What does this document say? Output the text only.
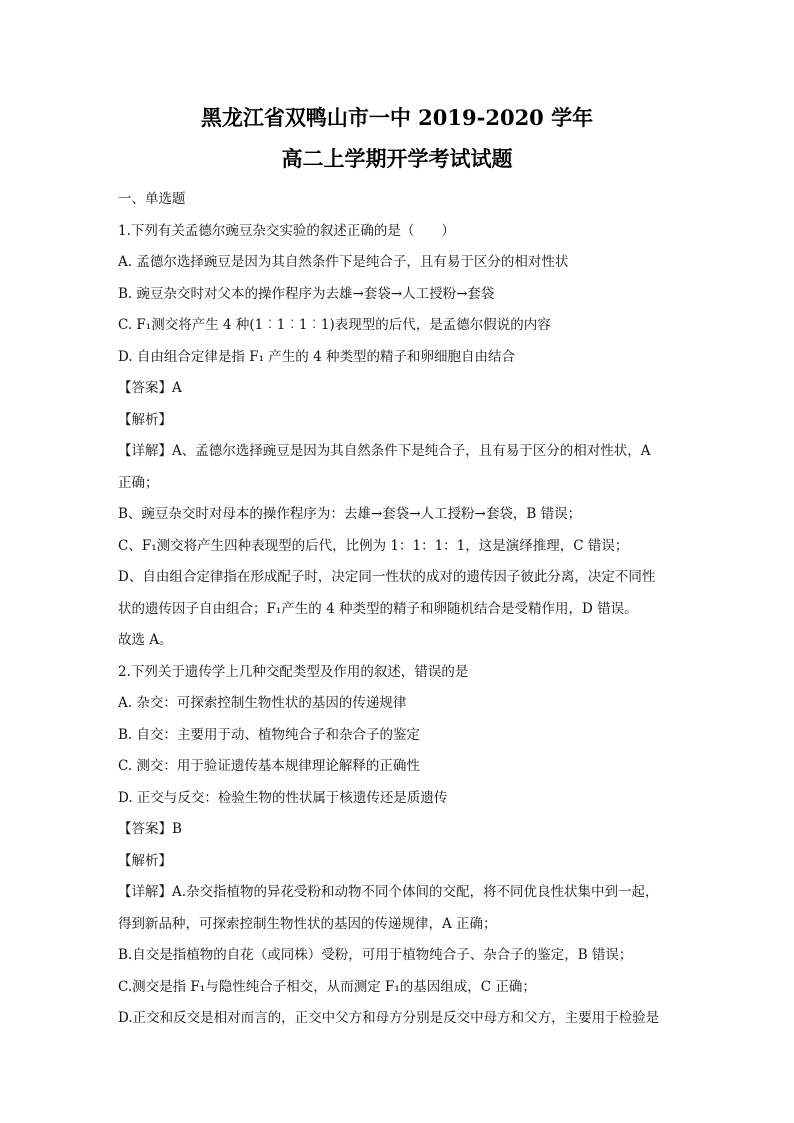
黑龙江省双鸭山市一中 2019-2020 学年
高二上学期开学考试试题
一、单选题
1.下列有关孟德尔豌豆杂交实验的叙述正确的是（　　）
A. 孟德尔选择豌豆是因为其自然条件下是纯合子，且有易于区分的相对性状
B. 豌豆杂交时对父本的操作程序为去雄→套袋→人工授粉→套袋
C. F₁测交将产生 4 种(1︰1︰1︰1)表现型的后代，是孟德尔假说的内容
D. 自由组合定律是指 F₁ 产生的 4 种类型的精子和卵细胞自由结合
【答案】A
【解析】
【详解】A、孟德尔选择豌豆是因为其自然条件下是纯合子，且有易于区分的相对性状，A
正确；
B、豌豆杂交时对母本的操作程序为：去雄→套袋→人工授粉→套袋，B 错误；
C、F₁测交将产生四种表现型的后代，比例为 1：1：1：1，这是演绎推理，C 错误；
D、自由组合定律指在形成配子时，决定同一性状的成对的遗传因子彼此分离，决定不同性
状的遗传因子自由组合；F₁产生的 4 种类型的精子和卵随机结合是受精作用，D 错误。
故选 A。
2.下列关于遗传学上几种交配类型及作用的叙述，错误的是
A. 杂交：可探索控制生物性状的基因的传递规律
B. 自交：主要用于动、植物纯合子和杂合子的鉴定
C. 测交：用于验证遗传基本规律理论解释的正确性
D. 正交与反交：检验生物的性状属于核遗传还是质遗传
【答案】B
【解析】
【详解】A.杂交指植物的异花受粉和动物不同个体间的交配，将不同优良性状集中到一起，
得到新品种，可探索控制生物性状的基因的传递规律，A 正确；
B.自交是指植物的自花（或同株）受粉，可用于植物纯合子、杂合子的鉴定，B 错误；
C.测交是指 F₁与隐性纯合子相交，从而测定 F₁的基因组成，C 正确；
D.正交和反交是相对而言的，正交中父方和母方分别是反交中母方和父方，主要用于检验是
